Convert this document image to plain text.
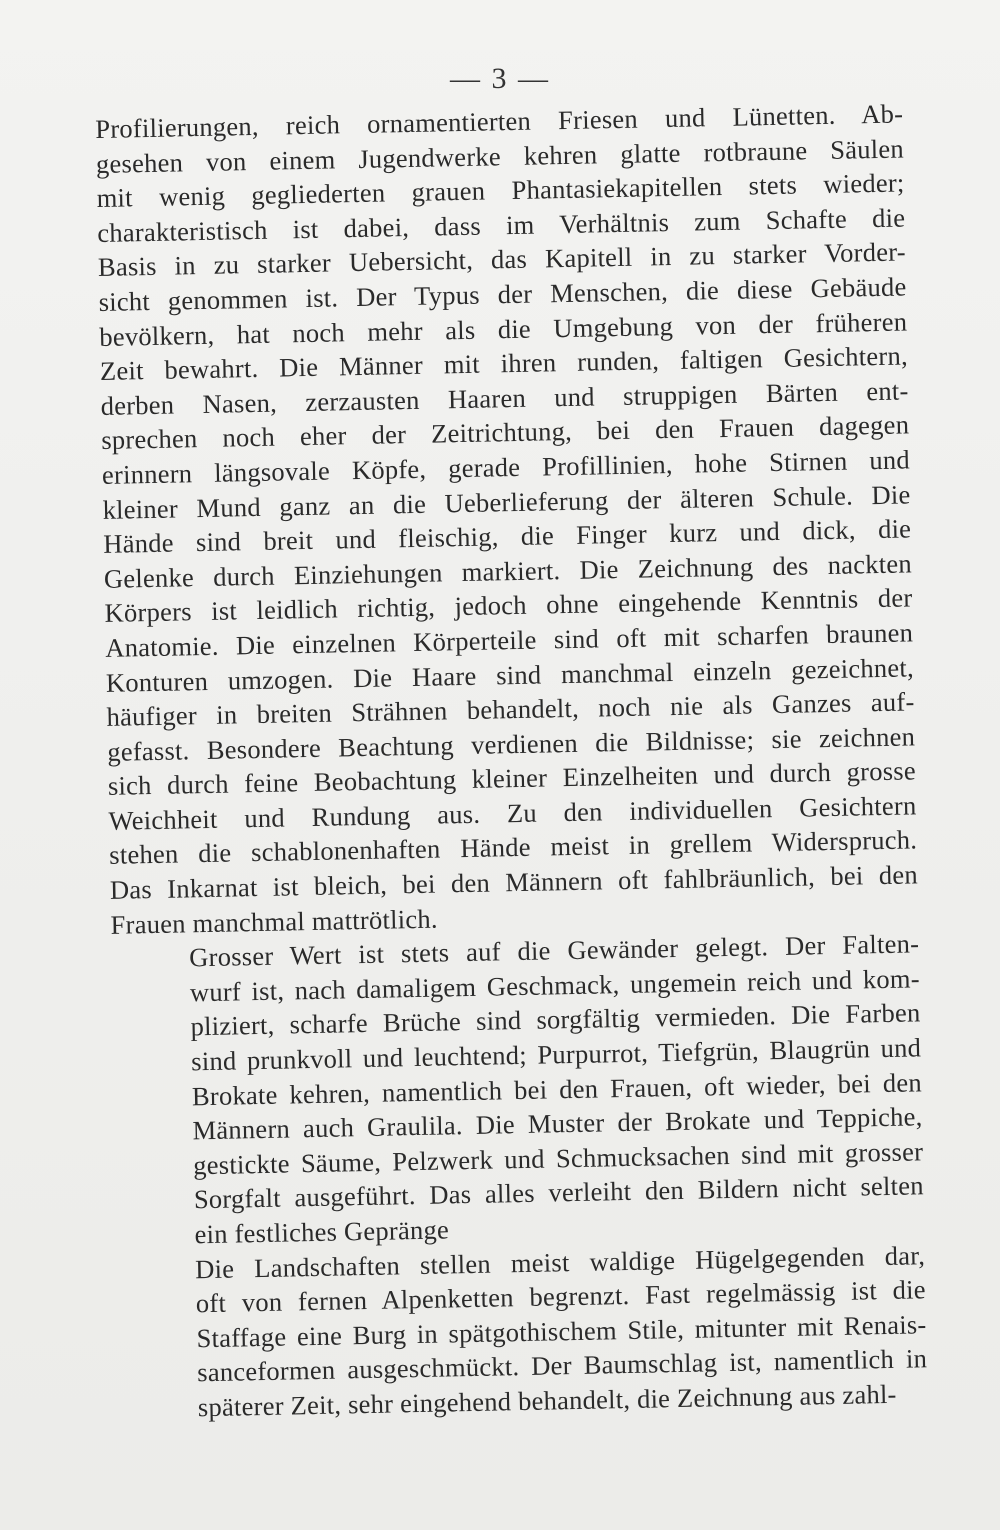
— 3 —
Profilierungen, reich ornamentierten Friesen und Lünetten. Ab-
gesehen von einem Jugendwerke kehren glatte rotbraune Säulen
mit wenig gegliederten grauen Phantasiekapitellen stets wieder;
charakteristisch ist dabei, dass im Verhältnis zum Schafte die
Basis in zu starker Uebersicht, das Kapitell in zu starker Vorder-
sicht genommen ist. Der Typus der Menschen, die diese Gebäude
bevölkern, hat noch mehr als die Umgebung von der früheren
Zeit bewahrt. Die Männer mit ihren runden, faltigen Gesichtern,
derben Nasen, zerzausten Haaren und struppigen Bärten ent-
sprechen noch eher der Zeitrichtung, bei den Frauen dagegen
erinnern längsovale Köpfe, gerade Profillinien, hohe Stirnen und
kleiner Mund ganz an die Ueberlieferung der älteren Schule. Die
Hände sind breit und fleischig, die Finger kurz und dick, die
Gelenke durch Einziehungen markiert. Die Zeichnung des nackten
Körpers ist leidlich richtig, jedoch ohne eingehende Kenntnis der
Anatomie. Die einzelnen Körperteile sind oft mit scharfen braunen
Konturen umzogen. Die Haare sind manchmal einzeln gezeichnet,
häufiger in breiten Strähnen behandelt, noch nie als Ganzes auf-
gefasst. Besondere Beachtung verdienen die Bildnisse; sie zeichnen
sich durch feine Beobachtung kleiner Einzelheiten und durch grosse
Weichheit und Rundung aus. Zu den individuellen Gesichtern
stehen die schablonenhaften Hände meist in grellem Widerspruch.
Das Inkarnat ist bleich, bei den Männern oft fahlbräunlich, bei den
Frauen manchmal mattrötlich.
Grosser Wert ist stets auf die Gewänder gelegt. Der Falten-
wurf ist, nach damaligem Geschmack, ungemein reich und kom-
pliziert, scharfe Brüche sind sorgfältig vermieden. Die Farben
sind prunkvoll und leuchtend; Purpurrot, Tiefgrün, Blaugrün und
Brokate kehren, namentlich bei den Frauen, oft wieder, bei den
Männern auch Graulila. Die Muster der Brokate und Teppiche,
gestickte Säume, Pelzwerk und Schmucksachen sind mit grosser
Sorgfalt ausgeführt. Das alles verleiht den Bildern nicht selten
ein festliches Gepränge
Die Landschaften stellen meist waldige Hügelgegenden dar,
oft von fernen Alpenketten begrenzt. Fast regelmässig ist die
Staffage eine Burg in spätgothischem Stile, mitunter mit Renais-
sanceformen ausgeschmückt. Der Baumschlag ist, namentlich in
späterer Zeit, sehr eingehend behandelt, die Zeichnung aus zahl-
